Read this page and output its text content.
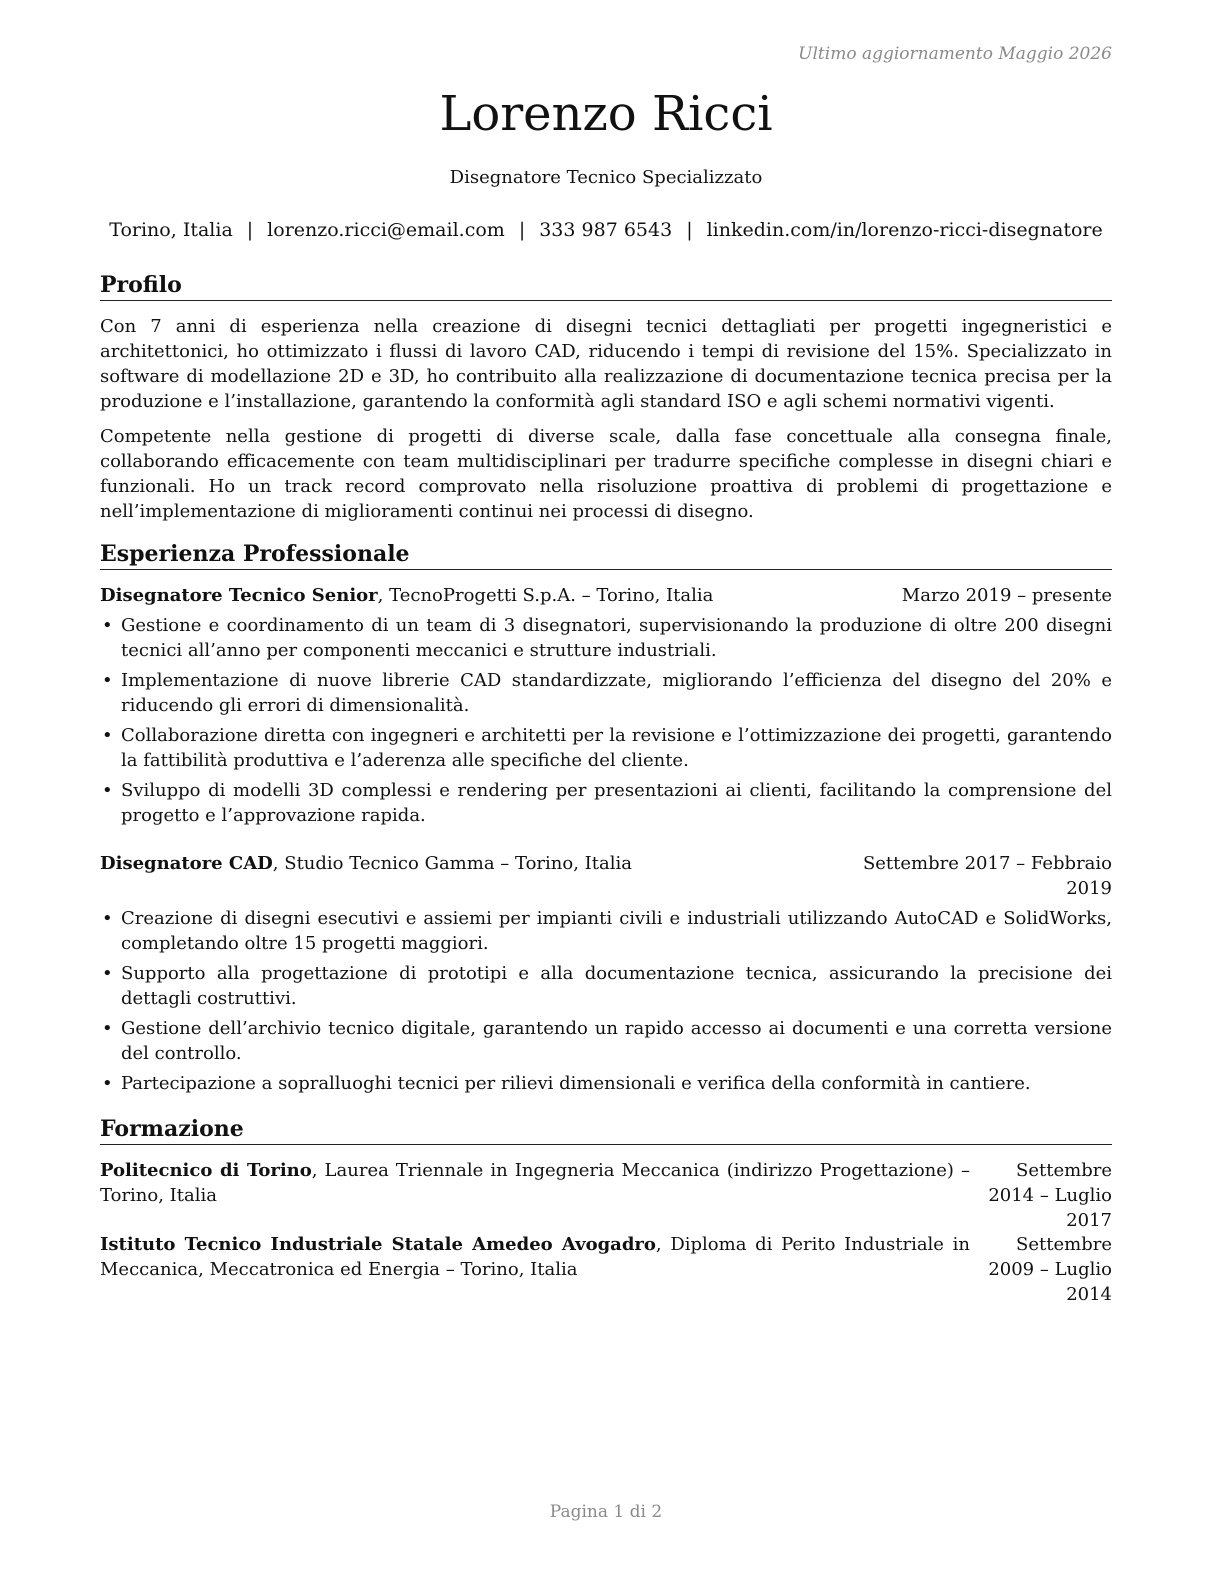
Ultimo aggiornamento Maggio 2026
Lorenzo Ricci
Disegnatore Tecnico Specializzato
Torino, Italia | lorenzo.ricci@email.com | 333 987 6543 | linkedin.com/in/lorenzo-ricci-disegnatore
Profilo
Con 7 anni di esperienza nella creazione di disegni tecnici dettagliati per progetti ingegneristici e architettonici, ho ottimizzato i flussi di lavoro CAD, riducendo i tempi di revisione del 15%. Specializzato in software di modellazione 2D e 3D, ho contribuito alla realizzazione di documentazione tecnica precisa per la produzione e l’installazione, garantendo la conformità agli standard ISO e agli schemi normativi vigenti.
Competente nella gestione di progetti di diverse scale, dalla fase concettuale alla consegna finale, collaborando efficacemente con team multidisciplinari per tradurre specifiche complesse in disegni chiari e funzionali. Ho un track record comprovato nella risoluzione proattiva di problemi di progettazione e nell’implementazione di miglioramenti continui nei processi di disegno.
Esperienza Professionale
Disegnatore Tecnico Senior, TecnoProgetti S.p.A. – Torino, Italia	Marzo 2019 – presente
• Gestione e coordinamento di un team di 3 disegnatori, supervisionando la produzione di oltre 200 disegni tecnici all’anno per componenti meccanici e strutture industriali.
• Implementazione di nuove librerie CAD standardizzate, migliorando l’efficienza del disegno del 20% e riducendo gli errori di dimensionalità.
• Collaborazione diretta con ingegneri e architetti per la revisione e l’ottimizzazione dei progetti, garantendo la fattibilità produttiva e l’aderenza alle specifiche del cliente.
• Sviluppo di modelli 3D complessi e rendering per presentazioni ai clienti, facilitando la comprensione del progetto e l’approvazione rapida.
Disegnatore CAD, Studio Tecnico Gamma – Torino, Italia	Settembre 2017 – Febbraio
2019
• Creazione di disegni esecutivi e assiemi per impianti civili e industriali utilizzando AutoCAD e SolidWorks, completando oltre 15 progetti maggiori.
• Supporto alla progettazione di prototipi e alla documentazione tecnica, assicurando la precisione dei dettagli costruttivi.
• Gestione dell’archivio tecnico digitale, garantendo un rapido accesso ai documenti e una corretta versione del controllo.
• Partecipazione a sopralluoghi tecnici per rilievi dimensionali e verifica della conformità in cantiere.
Formazione
Politecnico di Torino, Laurea Triennale in Ingegneria Meccanica (indirizzo Progettazione) – Torino, Italia
Settembre 2014 – Luglio
2017
Istituto Tecnico Industriale Statale Amedeo Avogadro, Diploma di Perito Industriale in Meccanica, Meccatronica ed Energia – Torino, Italia
Settembre 2009 – Luglio
2014
Pagina 1 di 2
